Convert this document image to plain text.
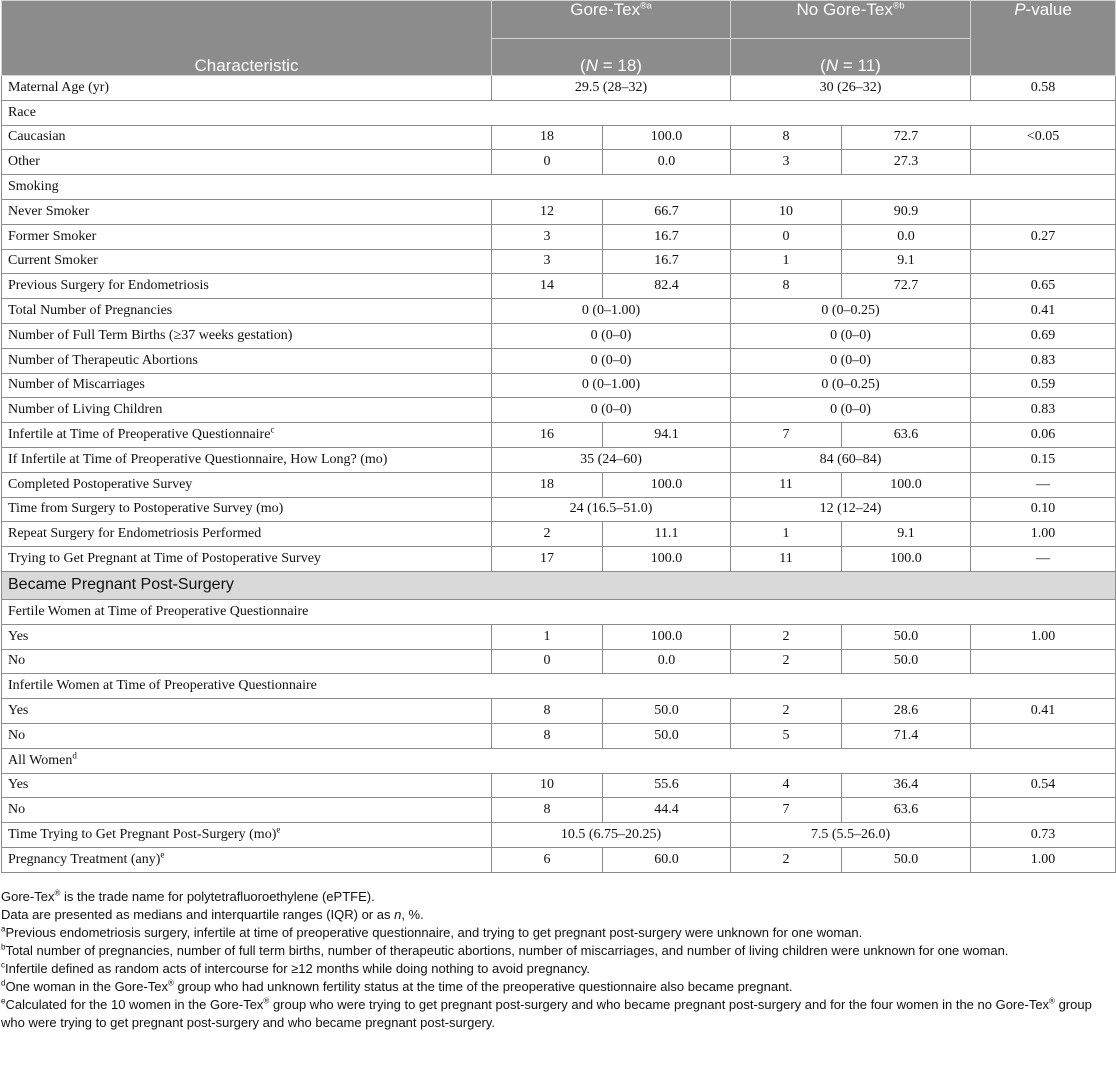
Characteristic	Gore-Tex$^{®a}$		No Gore-Tex$^{®b}$		P-value
	(N = 18)		(N = 11)		
Maternal Age (yr)	29.5 (28–32)		30 (26–32)		0.58
Race					
Caucasian	18	100.0	8	72.7	<0.05
Other	0	0.0	3	27.3	
Smoking					
Never Smoker	12	66.7	10	90.9	
Former Smoker	3	16.7	0	0.0	0.27
Current Smoker	3	16.7	1	9.1	
Previous Surgery for Endometriosis	14	82.4	8	72.7	0.65
Total Number of Pregnancies	0 (0–1.00)		0 (0–0.25)		0.41
Number of Full Term Births (≥37 weeks gestation)	0 (0–0)		0 (0–0)		0.69
Number of Therapeutic Abortions	0 (0–0)		0 (0–0)		0.83
Number of Miscarriages	0 (0–1.00)		0 (0–0.25)		0.59
Number of Living Children	0 (0–0)		0 (0–0)		0.83
Infertile at Time of Preoperative Questionnaire$^c$	16	94.1	7	63.6	0.06
If Infertile at Time of Preoperative Questionnaire, How Long? (mo)	35 (24–60)		84 (60–84)		0.15
Completed Postoperative Survey	18	100.0	11	100.0	—
Time from Surgery to Postoperative Survey (mo)	24 (16.5–51.0)		12 (12–24)		0.10
Repeat Surgery for Endometriosis Performed	2	11.1	1	9.1	1.00
Trying to Get Pregnant at Time of Postoperative Survey	17	100.0	11	100.0	—
Became Pregnant Post-Surgery					
Fertile Women at Time of Preoperative Questionnaire					
Yes	1	100.0	2	50.0	1.00
No	0	0.0	2	50.0	
Infertile Women at Time of Preoperative Questionnaire					
Yes	8	50.0	2	28.6	0.41
No	8	50.0	5	71.4	
All Women$^d$
Yes	10	55.6	4	36.4	0.54
No	8	44.4	7	63.6	
Time Trying to Get Pregnant Post-Surgery (mo)$^e$	10.5 (6.75–20.25)		7.5 (5.5–26.0)		0.73
Pregnancy Treatment (any)$^e$	6	60.0	2	50.0	1.00

Gore-Tex® is the trade name for polytetrafluoroethylene (ePTFE).

Data are presented as medians and interquartile ranges (IQR) or as n, %.

$^a$Previous endometriosis surgery, infertile at time of preoperative questionnaire, and trying to get pregnant post-surgery were unknown for one woman.

$^b$Total number of pregnancies, number of full term births, number of therapeutic abortions, number of miscarriages, and number of living children were unknown for one woman.

$^c$Infertile defined as random acts of intercourse for ≥12 months while doing nothing to avoid pregnancy.

$^d$One woman in the Gore-Tex® group who had unknown fertility status at the time of the preoperative questionnaire also became pregnant.

$^e$Calculated for the 10 women in the Gore-Tex® group who were trying to get pregnant post-surgery and who became pregnant post-surgery and for the four women in the no Gore-Tex® group who were trying to get pregnant post-surgery and who became pregnant post-surgery.
